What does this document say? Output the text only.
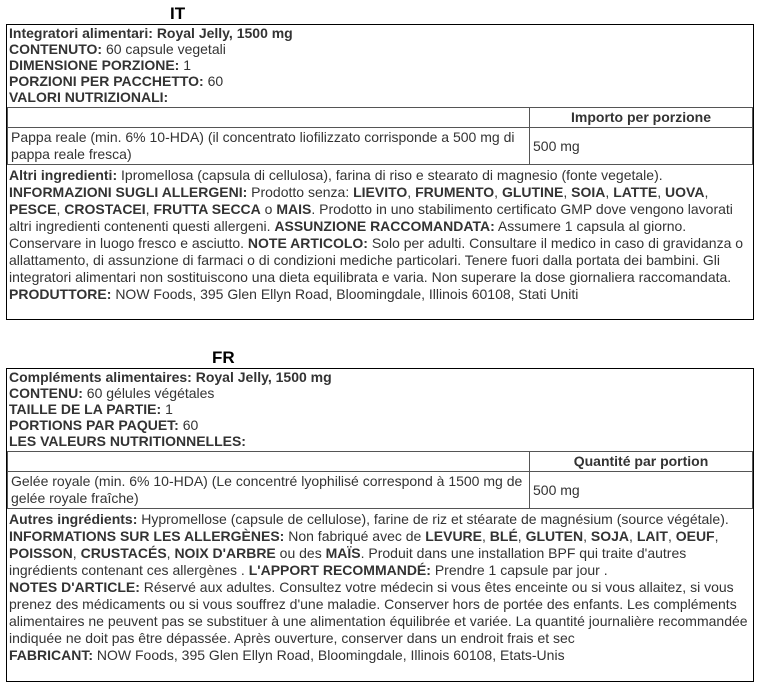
IT
Integratori alimentari: Royal Jelly, 1500 mg
CONTENUTO: 60 capsule vegetali
DIMENSIONE PORZIONE: 1
PORZIONI PER PACCHETTO: 60
VALORI NUTRIZIONALI:
	Importo per porzione
Pappa reale (min. 6% 10-HDA) (il concentrato liofilizzato corrisponde a 500 mg di pappa reale fresca)	500 mg
Altri ingredienti: Ipromellosa (capsula di cellulosa), farina di riso e stearato di magnesio (fonte vegetale).
INFORMAZIONI SUGLI ALLERGENI: Prodotto senza: LIEVITO, FRUMENTO, GLUTINE, SOIA, LATTE, UOVA, PESCE, CROSTACEI, FRUTTA SECCA o MAIS. Prodotto in uno stabilimento certificato GMP dove vengono lavorati altri ingredienti contenenti questi allergeni. ASSUNZIONE RACCOMANDATA: Assumere 1 capsula al giorno. Conservare in luogo fresco e asciutto. NOTE ARTICOLO: Solo per adulti. Consultare il medico in caso di gravidanza o allattamento, di assunzione di farmaci o di condizioni mediche particolari. Tenere fuori dalla portata dei bambini. Gli integratori alimentari non sostituiscono una dieta equilibrata e varia. Non superare la dose giornaliera raccomandata.
PRODUTTORE: NOW Foods, 395 Glen Ellyn Road, Bloomingdale, Illinois 60108, Stati Uniti
FR
Compléments alimentaires: Royal Jelly, 1500 mg
CONTENU: 60 gélules végétales
TAILLE DE LA PARTIE: 1
PORTIONS PAR PAQUET: 60
LES VALEURS NUTRITIONNELLES:
	Quantité par portion
Gelée royale (min. 6% 10-HDA) (Le concentré lyophilisé correspond à 1500 mg de gelée royale fraîche)	500 mg
Autres ingrédients: Hypromellose (capsule de cellulose), farine de riz et stéarate de magnésium (source végétale). INFORMATIONS SUR LES ALLERGÈNES: Non fabriqué avec de LEVURE, BLÉ, GLUTEN, SOJA, LAIT, OEUF, POISSON, CRUSTACÉS, NOIX D'ARBRE ou des MAÏS. Produit dans une installation BPF qui traite d'autres ingrédients contenant ces allergènes . L'APPORT RECOMMANDÉ: Prendre 1 capsule par jour .
NOTES D'ARTICLE: Réservé aux adultes. Consultez votre médecin si vous êtes enceinte ou si vous allaitez, si vous prenez des médicaments ou si vous souffrez d'une maladie. Conserver hors de portée des enfants. Les compléments alimentaires ne peuvent pas se substituer à une alimentation équilibrée et variée. La quantité journalière recommandée indiquée ne doit pas être dépassée. Après ouverture, conserver dans un endroit frais et sec
FABRICANT: NOW Foods, 395 Glen Ellyn Road, Bloomingdale, Illinois 60108, Etats-Unis
